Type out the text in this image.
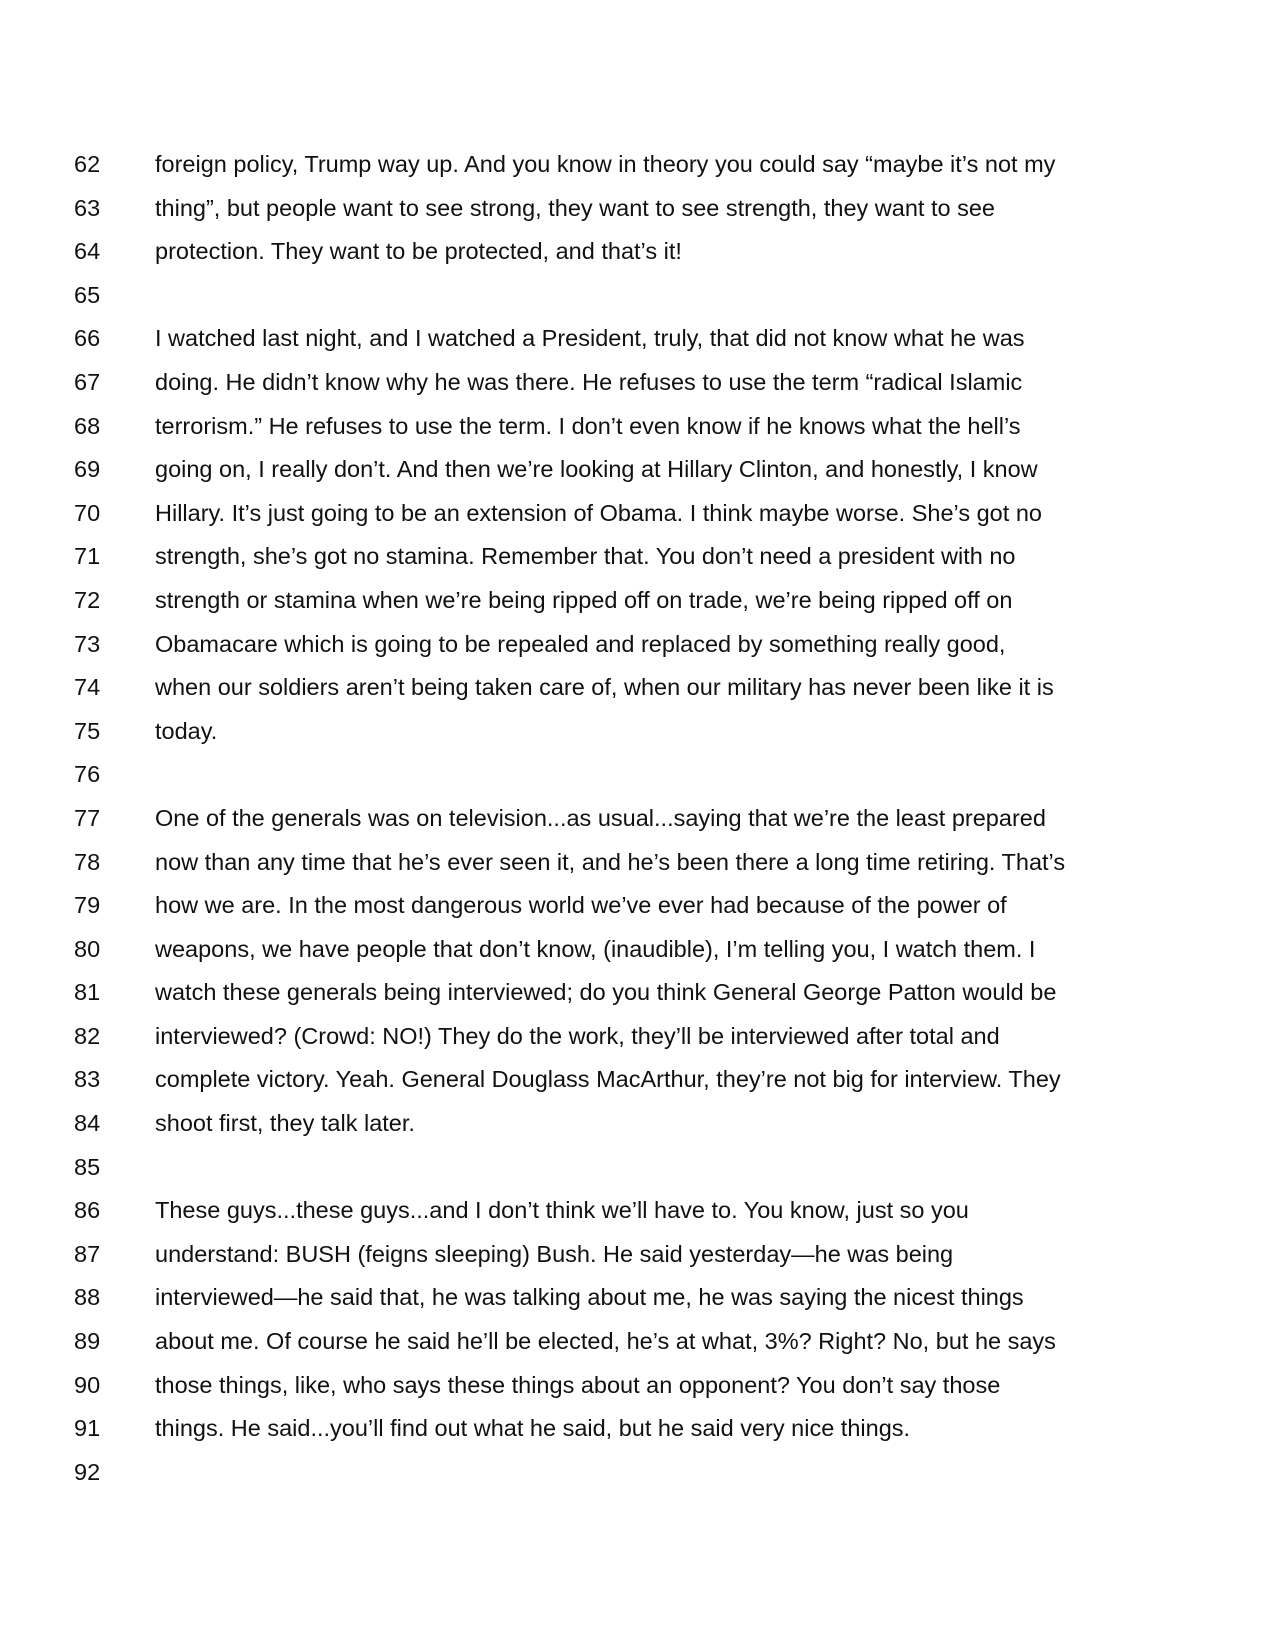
62	foreign policy, Trump way up. And you know in theory you could say “maybe it’s not my
63	thing”, but people want to see strong, they want to see strength, they want to see
64	protection. They want to be protected, and that’s it!
65
66	I watched last night, and I watched a President, truly, that did not know what he was
67	doing. He didn’t know why he was there. He refuses to use the term “radical Islamic
68	terrorism.” He refuses to use the term. I don’t even know if he knows what the hell’s
69	going on, I really don’t. And then we’re looking at Hillary Clinton, and honestly, I know
70	Hillary. It’s just going to be an extension of Obama. I think maybe worse. She’s got no
71	strength, she’s got no stamina. Remember that. You don’t need a president with no
72	strength or stamina when we’re being ripped off on trade, we’re being ripped off on
73	Obamacare which is going to be repealed and replaced by something really good,
74	when our soldiers aren’t being taken care of, when our military has never been like it is
75	today.
76
77	One of the generals was on television...as usual...saying that we’re the least prepared
78	now than any time that he’s ever seen it, and he’s been there a long time retiring. That’s
79	how we are. In the most dangerous world we’ve ever had because of the power of
80	weapons, we have people that don’t know, (inaudible), I’m telling you, I watch them. I
81	watch these generals being interviewed; do you think General George Patton would be
82	interviewed? (Crowd: NO!) They do the work, they’ll be interviewed after total and
83	complete victory. Yeah. General Douglass MacArthur, they’re not big for interview. They
84	shoot first, they talk later.
85
86	These guys...these guys...and I don’t think we’ll have to. You know, just so you
87	understand: BUSH (feigns sleeping) Bush. He said yesterday—he was being
88	interviewed—he said that, he was talking about me, he was saying the nicest things
89	about me. Of course he said he’ll be elected, he’s at what, 3%? Right? No, but he says
90	those things, like, who says these things about an opponent? You don’t say those
91	things. He said...you’ll find out what he said, but he said very nice things.
92
